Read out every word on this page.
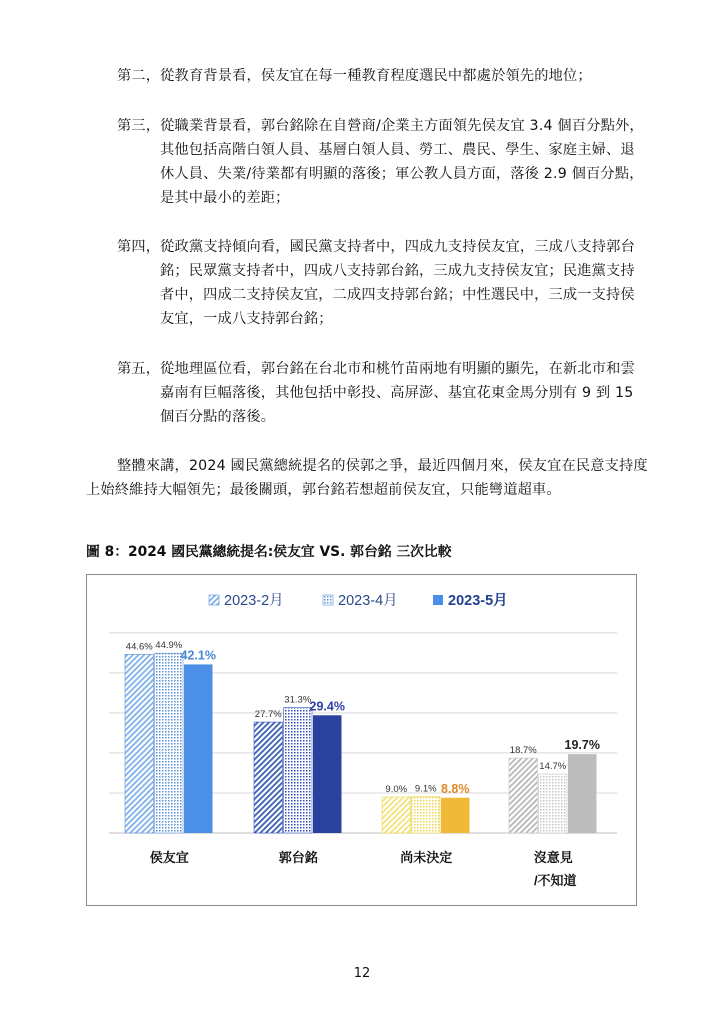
第二，從教育背景看，侯友宜在每一種教育程度選民中都處於領先的地位；
第三，從職業背景看，郭台銘除在自營商/企業主方面領先侯友宜 3.4 個百分點外，
其他包括高階白領人員、基層白領人員、勞工、農民、學生、家庭主婦、退
休人員、失業/待業都有明顯的落後；軍公教人員方面，落後 2.9 個百分點，
是其中最小的差距；
第四，從政黨支持傾向看，國民黨支持者中，四成九支持侯友宜，三成八支持郭台
銘；民眾黨支持者中，四成八支持郭台銘，三成九支持侯友宜；民進黨支持
者中，四成二支持侯友宜，二成四支持郭台銘；中性選民中，三成一支持侯
友宜，一成八支持郭台銘；
第五，從地理區位看，郭台銘在台北市和桃竹苗兩地有明顯的顯先，在新北市和雲
嘉南有巨幅落後，其他包括中彰投、高屏澎、基宜花東金馬分別有 9 到 15
個百分點的落後。
整體來講，2024 國民黨總統提名的侯郭之爭，最近四個月來，侯友宜在民意支持度
上始終維持大幅領先；最後關頭，郭台銘若想超前侯友宜，只能彎道超車。
圖 8：2024 國民黨總統提名:侯友宜 VS. 郭台銘 三次比較
2023-2月	2023-4月	2023-5月
44.6% 44.9%
42.1%
侯友宜
27.7%
31.3%
29.4%
郭台銘
9.0% 9.1% 8.8%
尚未決定
18.7%
14.7%
19.7%
沒意見
/不知道
12
